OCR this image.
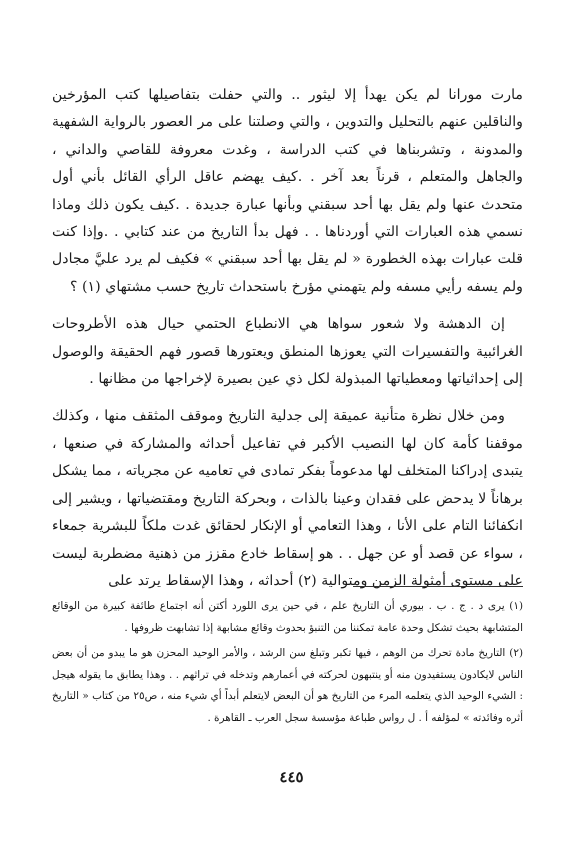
مارت مورانا لم يكن يهدأ إلا ليثور .. والتي حفلت بتفاصيلها كتب المؤرخين والناقلين عنهم بالتحليل والتدوين ، والتي وصلتنا على مر العصور بالرواية الشفهية والمدونة ، وتشربناها في كتب الدراسة ، وغدت معروفة للقاصي والداني ، والجاهل والمتعلم ، قرناً بعد آخر . .كيف يهضم عاقل الرأي القائل بأني أول متحدث عنها ولم يقل بها أحد سبقني وبأنها عبارة جديدة . .كيف يكون ذلك وماذا نسمي هذه العبارات التي أوردناها . . فهل بدأ التاريخ من عند كتابي . .وإذا كنت قلت عبارات بهذه الخطورة « لم يقل بها أحد سبقني » فكيف لم يرد عليَّ مجادل ولم يسفه رأيي مسفه ولم يتهمني مؤرخ باستحداث تاريخ حسب مشتهاي (١) ؟

إن الدهشة ولا شعور سواها هي الانطباع الحتمي حيال هذه الأطروحات الغرائبية والتفسيرات التي يعوزها المنطق ويعتورها قصور فهم الحقيقة والوصول إلى إحداثياتها ومعطياتها المبذولة لكل ذي عين بصيرة لإخراجها من مظانها .

ومن خلال نظرة متأنية عميقة إلى جدلية التاريخ وموقف المثقف منها ، وكذلك موقفنا كأمة كان لها النصيب الأكبر في تفاعيل أحداثه والمشاركة في صنعها ، يتبدى إدراكنا المتخلف لها مدعوماً بفكر تمادى في تعاميه عن مجرياته ، مما يشكل برهاناً لا يدحض على فقدان وعينا بالذات ، وبحركة التاريخ ومقتضياتها ، ويشير إلى انكفائنا التام على الأنا ، وهذا التعامي أو الإنكار لحقائق غدت ملكاً للبشرية جمعاء ، سواء عن قصد أو عن جهل . . هو إسقاط خادع مقزز من ذهنية مضطربة ليست على مستوى أمثولة الزمن ومتوالية (٢) أحداثه ، وهذا الإسقاط يرتد على

(١) يرى د . ج . ب . بيوري أن التاريخ علم ، في حين يرى اللورد أكتن أنه اجتماع طائفة كبيرة من الوقائع المتشابهة بحيث تشكل وحدة عامة تمكننا من التنبؤ بحدوث وقائع مشابهة إذا تشابهت ظروفها .

(٢) التاريخ مادة تحرك من الوهم ، فيها تكبر وتبلغ سن الرشد ، والأمر الوحيد المحزن هو ما يبدو من أن بعض الناس لايكادون يستفيدون منه أو ينتبهون لحركته في أعمارهم وتدخله في تراثهم . . وهذا يطابق ما يقوله هيجل : الشيء الوحيد الذي يتعلمه المرء من التاريخ هو أن البعض لايتعلم أبداً أي شيء منه ، ص٢٥ من كتاب « التاريخ أثره وفائدته » لمؤلفه أ . ل رواس طباعة مؤسسة سجل العرب ـ القاهرة .

٤٤٥
